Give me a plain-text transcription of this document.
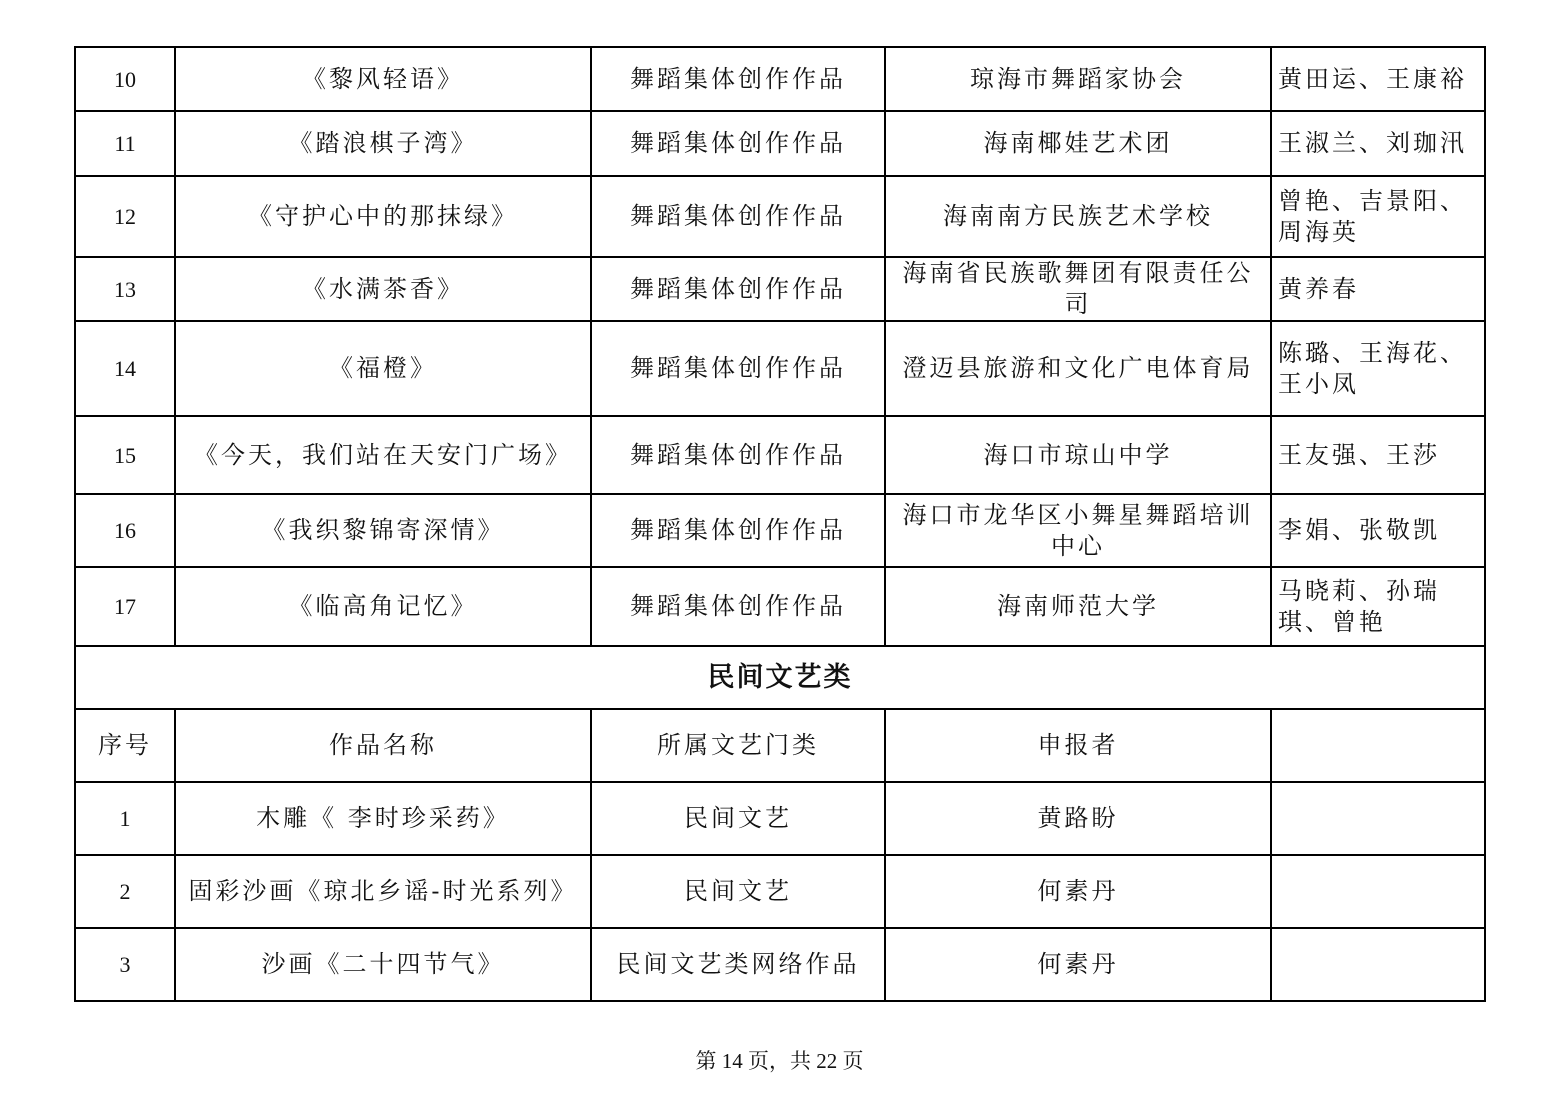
10	《黎风轻语》	舞蹈集体创作作品	琼海市舞蹈家协会	黄田运、王康裕
11	《踏浪棋子湾》	舞蹈集体创作作品	海南椰娃艺术团	王淑兰、刘珈汛
12	《守护心中的那抹绿》	舞蹈集体创作作品	海南南方民族艺术学校	曾艳、吉景阳、周海英
13	《水满茶香》	舞蹈集体创作作品	海南省民族歌舞团有限责任公司	黄养春
14	《福橙》	舞蹈集体创作作品	澄迈县旅游和文化广电体育局	陈璐、王海花、王小凤
15	《今天，我们站在天安门广场》	舞蹈集体创作作品	海口市琼山中学	王友强、王莎
16	《我织黎锦寄深情》	舞蹈集体创作作品	海口市龙华区小舞星舞蹈培训中心	李娟、张敬凯
17	《临高角记忆》	舞蹈集体创作作品	海南师范大学	马晓莉、孙瑞琪、曾艳
民间文艺类				
序号	作品名称	所属文艺门类	申报者	
1	木雕《 李时珍采药》	民间文艺	黄路盼	
2	固彩沙画《琼北乡谣-时光系列》	民间文艺	何素丹	
3	沙画《二十四节气》	民间文艺类网络作品	何素丹	
第 14 页，共 22 页
